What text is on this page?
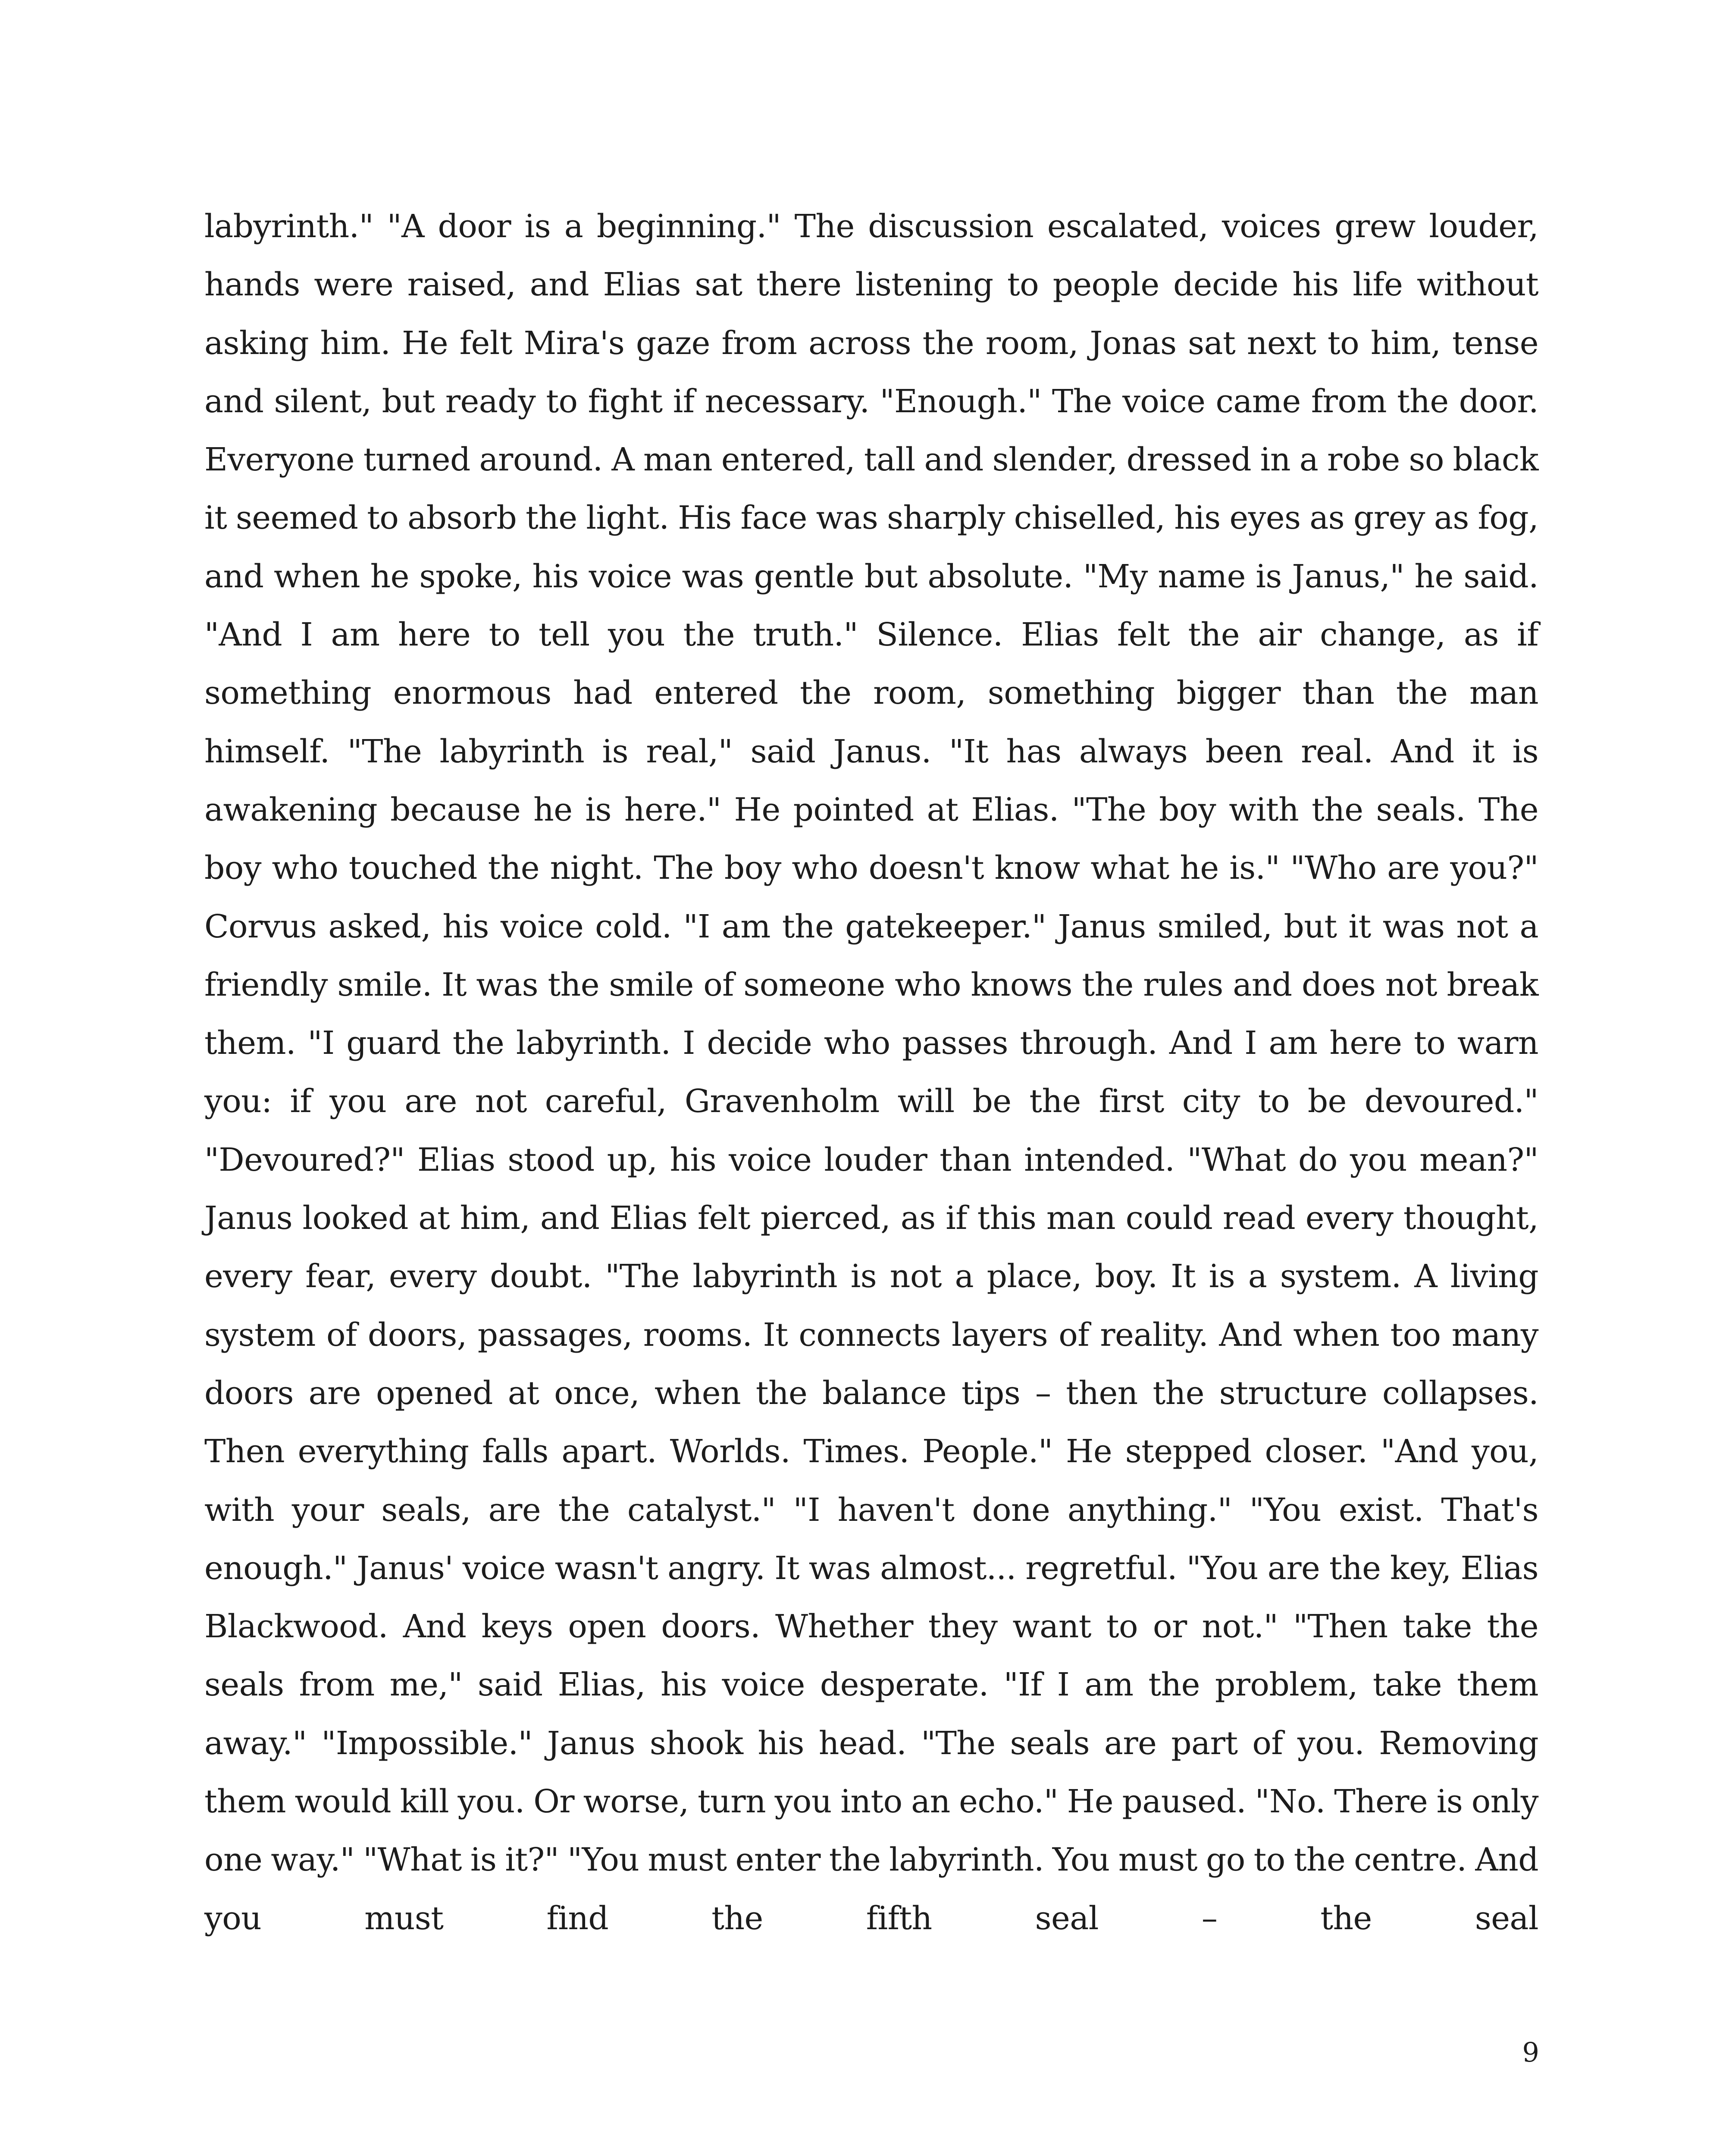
labyrinth." "A door is a beginning." The discussion escalated, voices grew louder, hands were raised, and Elias sat there listening to people decide his life without asking him. He felt Mira's gaze from across the room, Jonas sat next to him, tense and silent, but ready to fight if necessary. "Enough." The voice came from the door. Everyone turned around. A man entered, tall and slender, dressed in a robe so black it seemed to absorb the light. His face was sharply chiselled, his eyes as grey as fog, and when he spoke, his voice was gentle but absolute. "My name is Janus," he said. "And I am here to tell you the truth." Silence. Elias felt the air change, as if something enormous had entered the room, something bigger than the man himself. "The labyrinth is real," said Janus. "It has always been real. And it is awakening because he is here." He pointed at Elias. "The boy with the seals. The boy who touched the night. The boy who doesn't know what he is." "Who are you?" Corvus asked, his voice cold. "I am the gatekeeper." Janus smiled, but it was not a friendly smile. It was the smile of someone who knows the rules and does not break them. "I guard the labyrinth. I decide who passes through. And I am here to warn you: if you are not careful, Gravenholm will be the first city to be devoured." "Devoured?" Elias stood up, his voice louder than intended. "What do you mean?" Janus looked at him, and Elias felt pierced, as if this man could read every thought, every fear, every doubt. "The labyrinth is not a place, boy. It is a system. A living system of doors, passages, rooms. It connects layers of reality. And when too many doors are opened at once, when the balance tips – then the structure collapses. Then everything falls apart. Worlds. Times. People." He stepped closer. "And you, with your seals, are the catalyst." "I haven't done anything." "You exist. That's enough." Janus' voice wasn't angry. It was almost... regretful. "You are the key, Elias Blackwood. And keys open doors. Whether they want to or not." "Then take the seals from me," said Elias, his voice desperate. "If I am the problem, take them away." "Impossible." Janus shook his head. "The seals are part of you. Removing them would kill you. Or worse, turn you into an echo." He paused. "No. There is only one way." "What is it?" "You must enter the labyrinth. You must go to the centre. And you must find the fifth seal – the seal

9
